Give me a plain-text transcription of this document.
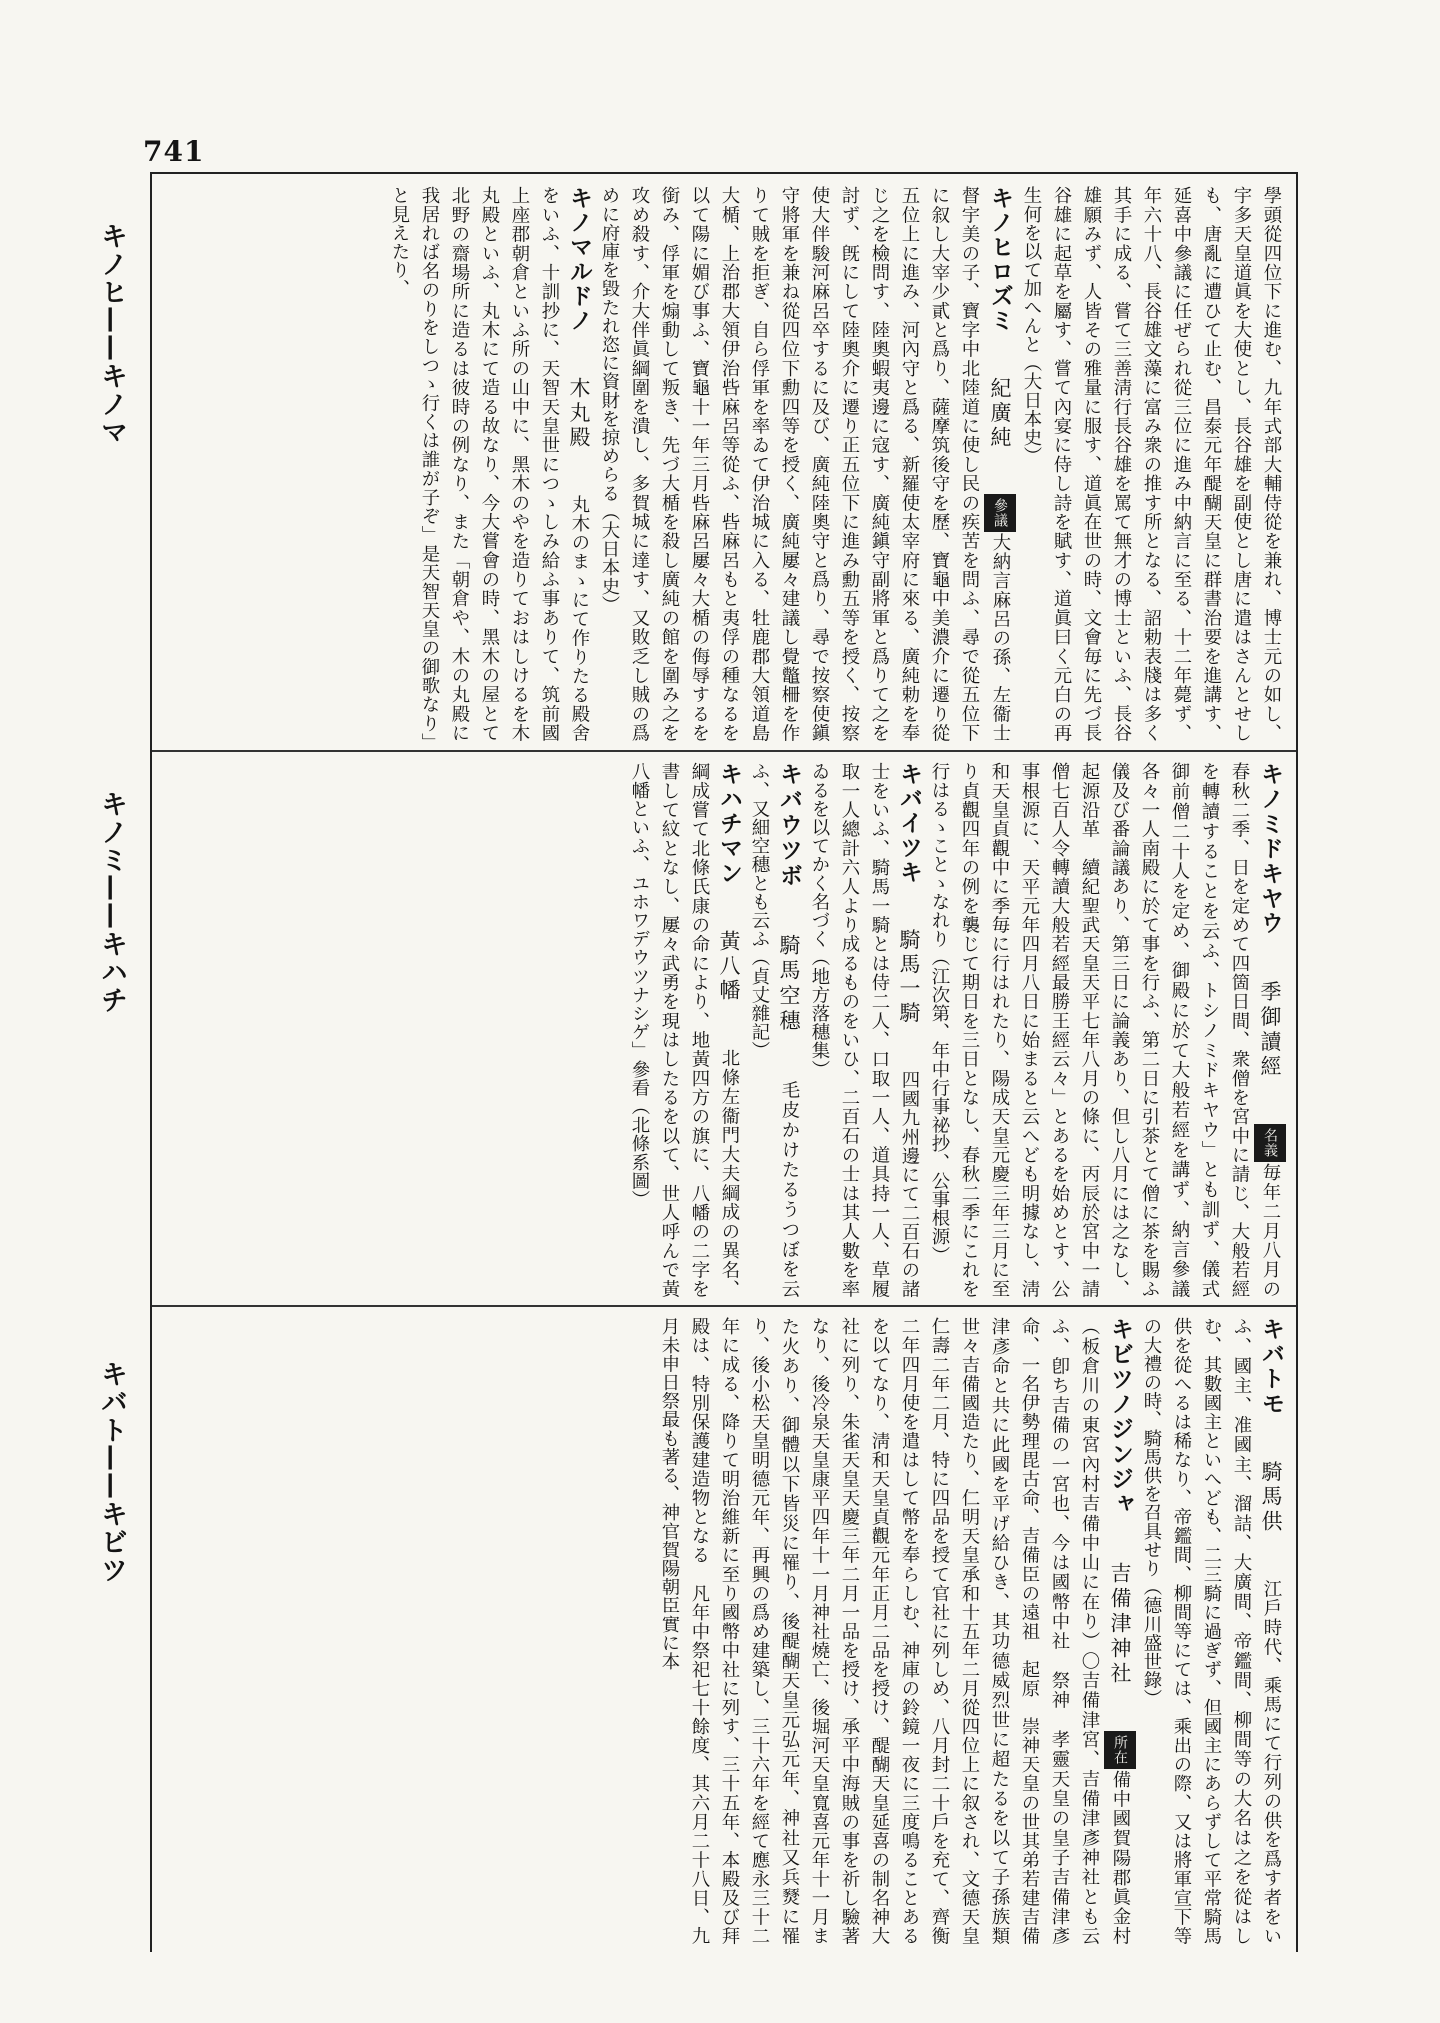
741
キノヒ——キノマ
キノミ——キハチ
キバト——キビツ

學頭從四位下に進む、九年式部大輔侍從を兼れ、博士元の如し、宇多天皇道眞を大使とし、長谷雄を副使とし唐に遣はさんとせしも、唐亂に遭ひて止む、昌泰元年醍醐天皇に群書治要を進講す、延喜中參議に任ぜられ從三位に進み中納言に至る、十二年薨ず、年六十八、長谷雄文藻に富み衆の推す所となる、詔勅表牋は多く其手に成る、嘗て三善淸行長谷雄を罵て無才の博士といふ、長谷雄願みず、人皆その雅量に服す、道眞在世の時、文會毎に先づ長谷雄に起草を屬す、嘗て內宴に侍し詩を賦す、道眞曰く元白の再生何を以て加へんと（大日本史）

キノヒロズミ紀廣純參議大納言麻呂の孫、左衞士督宇美の子、寶字中北陸道に使し民の疾苦を問ふ、尋で從五位下に叙し大宰少貳と爲り、薩摩筑後守を歷、寶龜中美濃介に遷り從五位上に進み、河內守と爲る、新羅使太宰府に來る、廣純勅を奉じ之を檢問す、陸奧蝦夷邊に寇す、廣純鎭守副將軍と爲りて之を討ず、旣にして陸奧介に遷り正五位下に進み勳五等を授く、按察使大伴駿河麻呂卒するに及び、廣純陸奧守と爲り、尋で按察使鎭守將軍を兼ね從四位下勳四等を授く、廣純屢々建議し覺鼈柵を作りて賊を拒ぎ、自ら俘軍を率ゐて伊治城に入る、牡鹿郡大領道島大楯、上治郡大領伊治呰麻呂等從ふ、呰麻呂もと夷俘の種なるを以て陽に媚び事ふ、寶龜十一年三月呰麻呂屢々大楯の侮辱するを銜み、俘軍を煽動して叛き、先づ大楯を殺し廣純の館を圍み之を攻め殺す、介大伴眞綱圍を潰し、多賀城に達す、又敗乏し賊の爲めに府庫を毀たれ恣に資財を掠めらる（大日本史）

キノマルドノ木丸殿丸木のまゝにて作りたる殿舍をいふ、十訓抄に、天智天皇世につゝしみ給ふ事ありて、筑前國上座郡朝倉といふ所の山中に、黑木のやを造りておはしけるを木丸殿といふ、丸木にて造る故なり、今大嘗會の時、黑木の屋とて北野の齋場所に造るは彼時の例なり、また「朝倉や、木の丸殿に我居れば名のりをしつゝ行くは誰が子ぞ」是天智天皇の御歌なり」と見えたり、

キノミドキヤウ季御讀經名義毎年二月八月の春秋二季、日を定めて四箇日間、衆僧を宮中に請じ、大般若經を轉讀することを云ふ、トシノミドキヤウ」とも訓ず、儀式　御前僧二十人を定め、御殿に於て大般若經を講ず、納言參議各々一人南殿に於て事を行ふ、第二日に引茶とて僧に茶を賜ふ儀及び番論議あり、第三日に論義あり、但し八月には之なし、起源沿革　續紀聖武天皇天平七年八月の條に、丙辰於宮中一請僧七百人令轉讀大般若經最勝王經云々」とあるを始めとす、公事根源に、天平元年四月八日に始まると云へども明據なし、淸和天皇貞觀中に季毎に行はれたり、陽成天皇元慶三年三月に至り貞觀四年の例を襲じて期日を三日となし、春秋二季にこれを行はるゝことゝなれり（江次第、年中行事祕抄、公事根源）

キバイツキ騎馬一騎四國九州邊にて二百石の諸士をいふ、騎馬一騎とは侍二人、口取一人、道具持一人、草履取一人總計六人より成るものをいひ、二百石の士は其人數を率ゐるを以てかく名づく（地方落穗集）

キバウツボ騎馬空穗毛皮かけたるうつぼを云ふ、又細空穗とも云ふ（貞丈雜記）

キハチマン黃八幡北條左衞門大夫綱成の異名、綱成嘗て北條氏康の命により、地黃四方の旗に、八幡の二字を書して紋となし、屢々武勇を現はしたるを以て、世人呼んで黃八幡といふ、ユホワデウツナシゲ」參看（北條系圖）

キバトモ騎馬供江戶時代、乘馬にて行列の供を爲す者をいふ、國主、准國主、溜詰、大廣間、帝鑑間、柳間等の大名は之を從はしむ、其數國主といへども、二三騎に過ぎず、但國主にあらずして平常騎馬供を從へるは稀なり、帝鑑間、柳間等にては、乘出の際、又は將軍宣下等の大禮の時、騎馬供を召具せり（德川盛世錄）

キビツノジンジャ吉備津神社所在備中國賀陽郡眞金村（板倉川の東宮內村吉備中山に在り）〇吉備津宮、吉備津彥神社とも云ふ、卽ち吉備の一宮也、今は國幣中社　祭神　孝靈天皇の皇子吉備津彥命、一名伊勢理毘古命、吉備臣の遠祖　起原　崇神天皇の世其弟若建吉備津彥命と共に此國を平げ給ひき、其功德威烈世に超たるを以て子孫族類世々吉備國造たり、仁明天皇承和十五年二月從四位上に叙され、文德天皇仁壽二年二月、特に四品を授て官社に列しめ、八月封二十戶を充て、齊衡二年四月使を遣はして幣を奉らしむ、神庫の鈴鏡一夜に三度鳴ることあるを以てなり、淸和天皇貞觀元年正月二品を授け、醍醐天皇延喜の制名神大社に列り、朱雀天皇天慶三年二月一品を授け、承平中海賊の事を祈し驗著なり、後冷泉天皇康平四年十一月神社燒亡、後堀河天皇寬喜元年十一月また火あり、御體以下皆災に罹り、後醍醐天皇元弘元年、神社又兵燹に罹り、後小松天皇明德元年、再興の爲め建築し、三十六年を經て應永三十二年に成る、降りて明治維新に至り國幣中社に列す、三十五年、本殿及び拜殿は、特別保護建造物となる　凡年中祭祀七十餘度、其六月二十八日、九月未申日祭最も著る、神官賀陽朝臣實に本
